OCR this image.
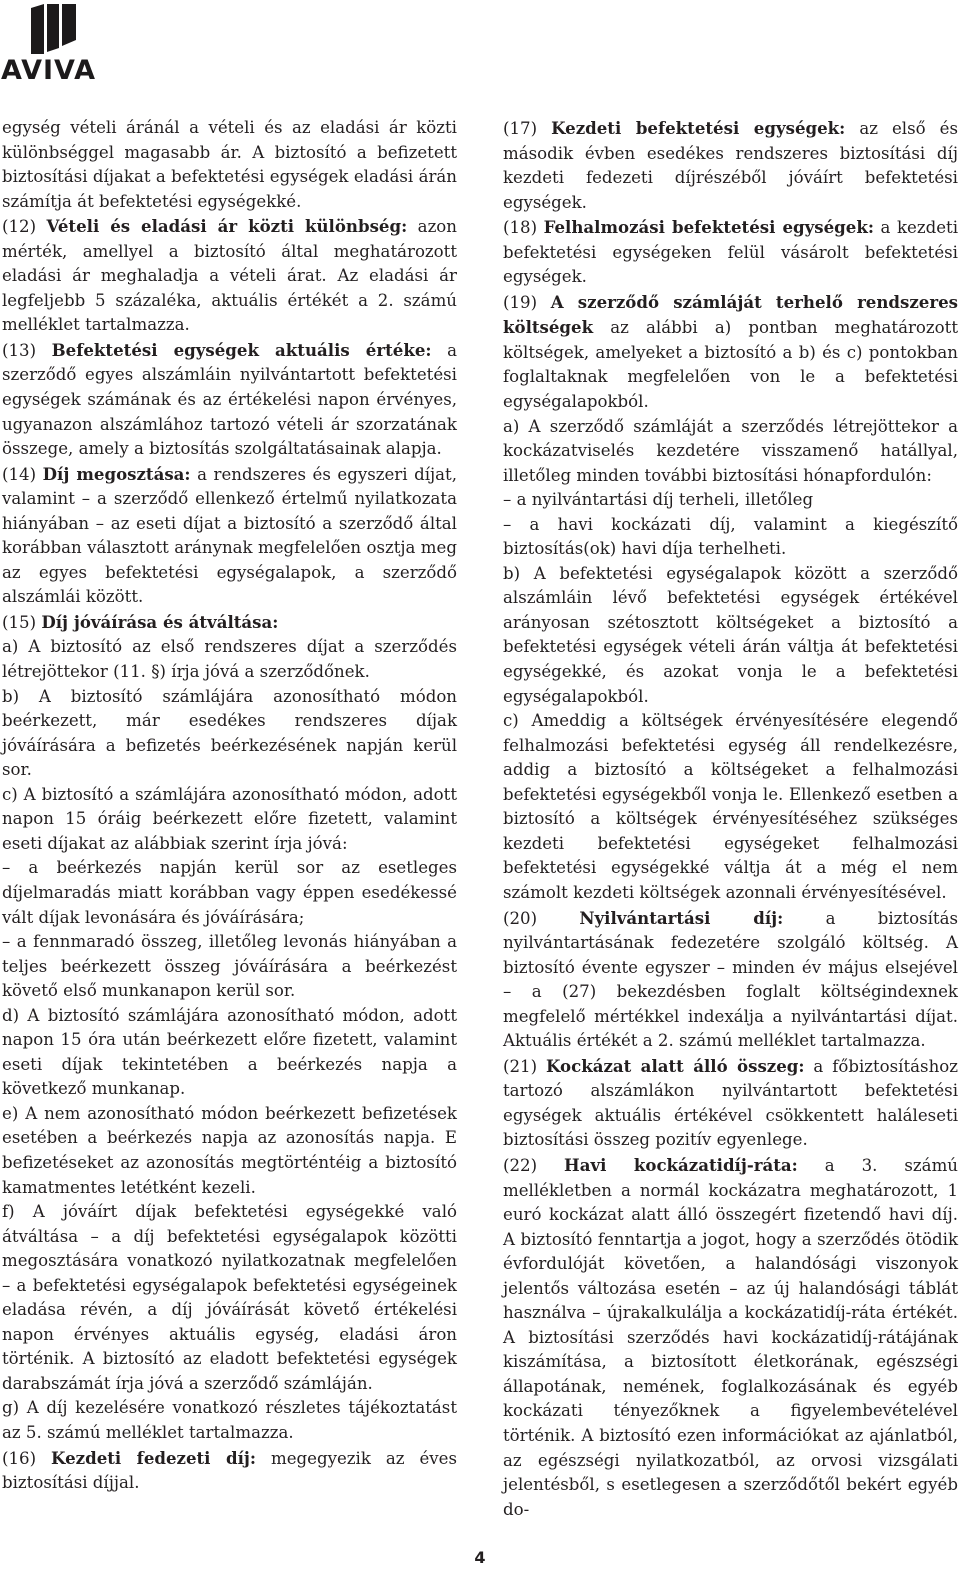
AVIVA

egység vételi áránál a vételi és az eladási ár közti különbséggel magasabb ár. A biztosító a befizetett biztosítási díjakat a befektetési egységek eladási árán számítja át befektetési egységekké.

(12) Vételi és eladási ár közti különbség: azon mérték, amellyel a biztosító által meghatározott eladási ár meghaladja a vételi árat. Az eladási ár legfeljebb 5 százaléka, aktuális értékét a 2. számú melléklet tartalmazza.

(13) Befektetési egységek aktuális értéke: a szerződő egyes alszámláin nyilvántartott befektetési egységek számának és az értékelési napon érvényes, ugyanazon alszámlához tartozó vételi ár szorzatának összege, amely a biztosítás szolgáltatásainak alapja.

(14) Díj megosztása: a rendszeres és egyszeri díjat, valamint – a szerződő ellenkező értelmű nyilatkozata hiányában – az eseti díjat a biztosító a szerződő által korábban választott aránynak megfelelően osztja meg az egyes befektetési egységalapok, a szerződő alszámlái között.

(15) Díj jóváírása és átváltása:

a) A biztosító az első rendszeres díjat a szerződés létrejöttekor (11. §) írja jóvá a szerződőnek.

b) A biztosító számlájára azonosítható módon beérkezett, már esedékes rendszeres díjak jóváírására a befizetés beérkezésének napján kerül sor.

c) A biztosító a számlájára azonosítható módon, adott napon 15 óráig beérkezett előre fizetett, valamint eseti díjakat az alábbiak szerint írja jóvá:

– a beérkezés napján kerül sor az esetleges díjelmaradás miatt korábban vagy éppen esedékessé vált díjak levonására és jóváírására;

– a fennmaradó összeg, illetőleg levonás hiányában a teljes beérkezett összeg jóváírására a beérkezést követő első munkanapon kerül sor.

d) A biztosító számlájára azonosítható módon, adott napon 15 óra után beérkezett előre fizetett, valamint eseti díjak tekintetében a beérkezés napja a következő munkanap.

e) A nem azonosítható módon beérkezett befizetések esetében a beérkezés napja az azonosítás napja. E befizetéseket az azonosítás megtörténtéig a biztosító kamatmentes letétként kezeli.

f) A jóváírt díjak befektetési egységekké való átváltása – a díj befektetési egységalapok közötti megosztására vonatkozó nyilatkozatnak megfelelően – a befektetési egységalapok befektetési egységeinek eladása révén, a díj jóváírását követő értékelési napon érvényes aktuális egység, eladási áron történik. A biztosító az eladott befektetési egységek darabszámát írja jóvá a szerződő számláján.

g) A díj kezelésére vonatkozó részletes tájékoztatást az 5. számú melléklet tartalmazza.

(16) Kezdeti fedezeti díj: megegyezik az éves biztosítási díjjal.

(17) Kezdeti befektetési egységek: az első és második évben esedékes rendszeres biztosítási díj kezdeti fedezeti díjrészéből jóváírt befektetési egységek.

(18) Felhalmozási befektetési egységek: a kezdeti befektetési egységeken felül vásárolt befektetési egységek.

(19) A szerződő számláját terhelő rendszeres költségek az alábbi a) pontban meghatározott költségek, amelyeket a biztosító a b) és c) pontokban foglaltaknak megfelelően von le a befektetési egységalapokból.

a) A szerződő számláját a szerződés létrejöttekor a kockázatviselés kezdetére visszamenő hatállyal, illetőleg minden további biztosítási hónapfordulón:

– a nyilvántartási díj terheli, illetőleg

– a havi kockázati díj, valamint a kiegészítő biztosítás(ok) havi díja terhelheti.

b) A befektetési egységalapok között a szerződő alszámláin lévő befektetési egységek értékével arányosan szétosztott költségeket a biztosító a befektetési egységek vételi árán váltja át befektetési egységekké, és azokat vonja le a befektetési egységalapokból.

c) Ameddig a költségek érvényesítésére elegendő felhalmozási befektetési egység áll rendelkezésre, addig a biztosító a költségeket a felhalmozási befektetési egységekből vonja le. Ellenkező esetben a biztosító a költségek érvényesítéséhez szükséges kezdeti befektetési egységeket felhalmozási befektetési egységekké váltja át a még el nem számolt kezdeti költségek azonnali érvényesítésével.

(20) Nyilvántartási díj: a biztosítás nyilvántartásának fedezetére szolgáló költség. A biztosító évente egyszer – minden év május elsejével – a (27) bekezdésben foglalt költségindexnek megfelelő mértékkel indexálja a nyilvántartási díjat. Aktuális értékét a 2. számú melléklet tartalmazza.

(21) Kockázat alatt álló összeg: a főbiztosításhoz tartozó alszámlákon nyilvántartott befektetési egységek aktuális értékével csökkentett haláleseti biztosítási összeg pozitív egyenlege.

(22) Havi kockázatidíj-ráta: a 3. számú mellékletben a normál kockázatra meghatározott, 1 euró kockázat alatt álló összegért fizetendő havi díj. A biztosító fenntartja a jogot, hogy a szerződés ötödik évfordulóját követően, a halandósági viszonyok jelentős változása esetén – az új halandósági táblát használva – újrakalkulálja a kockázatidíj-ráta értékét. A biztosítási szerződés havi kockázatidíj-rátájának kiszámítása, a biztosított életkorának, egészségi állapotának, nemének, foglalkozásának és egyéb kockázati tényezőknek a figyelembevételével történik. A biztosító ezen információkat az ajánlatból, az egészségi nyilatkozatból, az orvosi vizsgálati jelentésből, s esetlegesen a szerződőtől bekért egyéb do-

4
